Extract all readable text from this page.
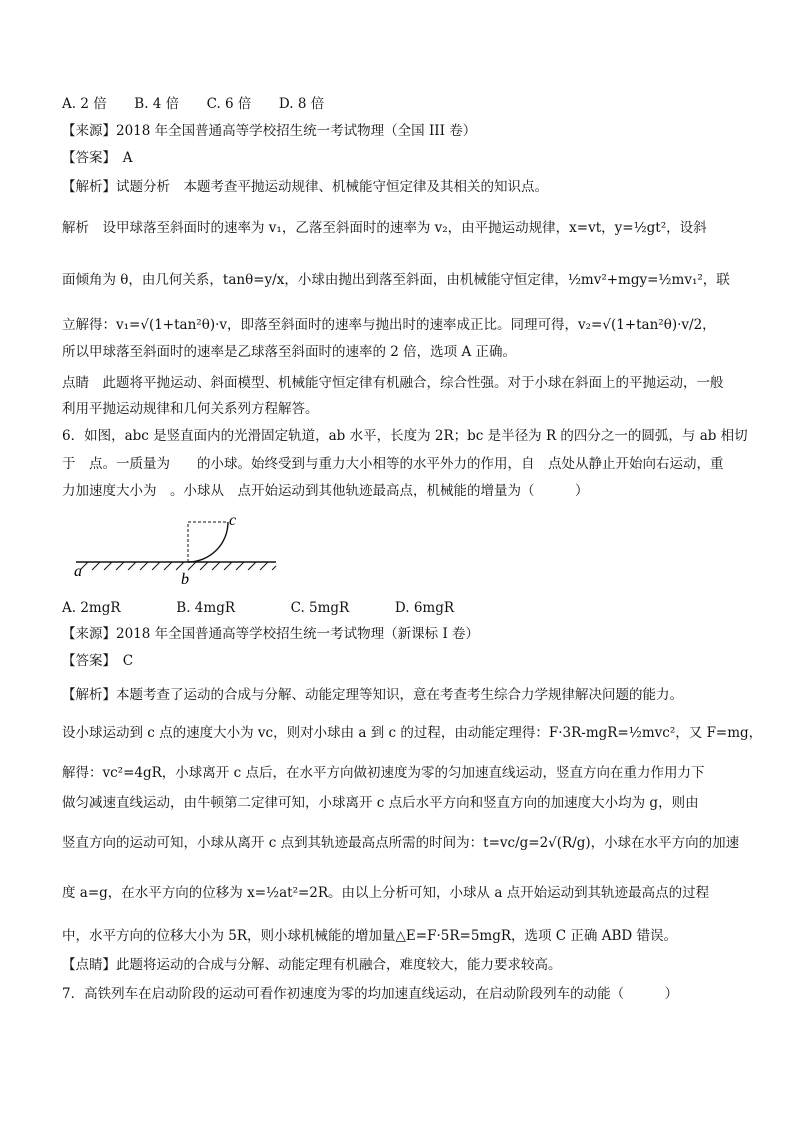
A. 2 倍 B. 4 倍 C. 6 倍 D. 8 倍
【来源】2018 年全国普通高等学校招生统一考试物理（全国 III 卷）
【答案】　A
【解析】试题分析　本题考查平抛运动规律、机械能守恒定律及其相关的知识点。
解析　设甲球落至斜面时的速率为 v₁，乙落至斜面时的速率为 v₂，由平抛运动规律，x=vt，y=½gt²，设斜
面倾角为 θ，由几何关系，tanθ=y/x，小球由抛出到落至斜面，由机械能守恒定律，½mv²+mgy=½mv₁²，联
立解得：v₁=√(1+tan²θ)·v，即落至斜面时的速率与抛出时的速率成正比。同理可得，v₂=√(1+tan²θ)·v/2，
所以甲球落至斜面时的速率是乙球落至斜面时的速率的 2 倍，选项 A 正确。
点睛　此题将平抛运动、斜面模型、机械能守恒定律有机融合，综合性强。对于小球在斜面上的平抛运动，一般
利用平抛运动规律和几何关系列方程解答。
6．如图，abc 是竖直面内的光滑固定轨道，ab 水平，长度为 2R；bc 是半径为 R 的四分之一的圆弧，与 ab 相切
于　点。一质量为　　的小球。始终受到与重力大小相等的水平外力的作用，自　点处从静止开始向右运动，重
力加速度大小为　。小球从　点开始运动到其他轨迹最高点，机械能的增量为（　　　）
a	b
c
A. 2mgR	B. 4mgR	C. 5mgR	D. 6mgR
【来源】2018 年全国普通高等学校招生统一考试物理（新课标 I 卷）
【答案】　C
【解析】本题考查了运动的合成与分解、动能定理等知识，意在考查考生综合力学规律解决问题的能力。
设小球运动到 c 点的速度大小为 vc，则对小球由 a 到 c 的过程，由动能定理得：F·3R-mgR=½mvc²，又 F=mg，
解得：vc²=4gR，小球离开 c 点后，在水平方向做初速度为零的匀加速直线运动，竖直方向在重力作用力下
做匀减速直线运动，由牛顿第二定律可知，小球离开 c 点后水平方向和竖直方向的加速度大小均为 g，则由
竖直方向的运动可知，小球从离开 c 点到其轨迹最高点所需的时间为：t=vc/g=2√(R/g)，小球在水平方向的加速
度 a=g，在水平方向的位移为 x=½at²=2R。由以上分析可知，小球从 a 点开始运动到其轨迹最高点的过程
中，水平方向的位移大小为 5R，则小球机械能的增加量△E=F·5R=5mgR，选项 C 正确 ABD 错误。
【点睛】此题将运动的合成与分解、动能定理有机融合，难度较大，能力要求较高。
7．高铁列车在启动阶段的运动可看作初速度为零的均加速直线运动，在启动阶段列车的动能（　　　）
